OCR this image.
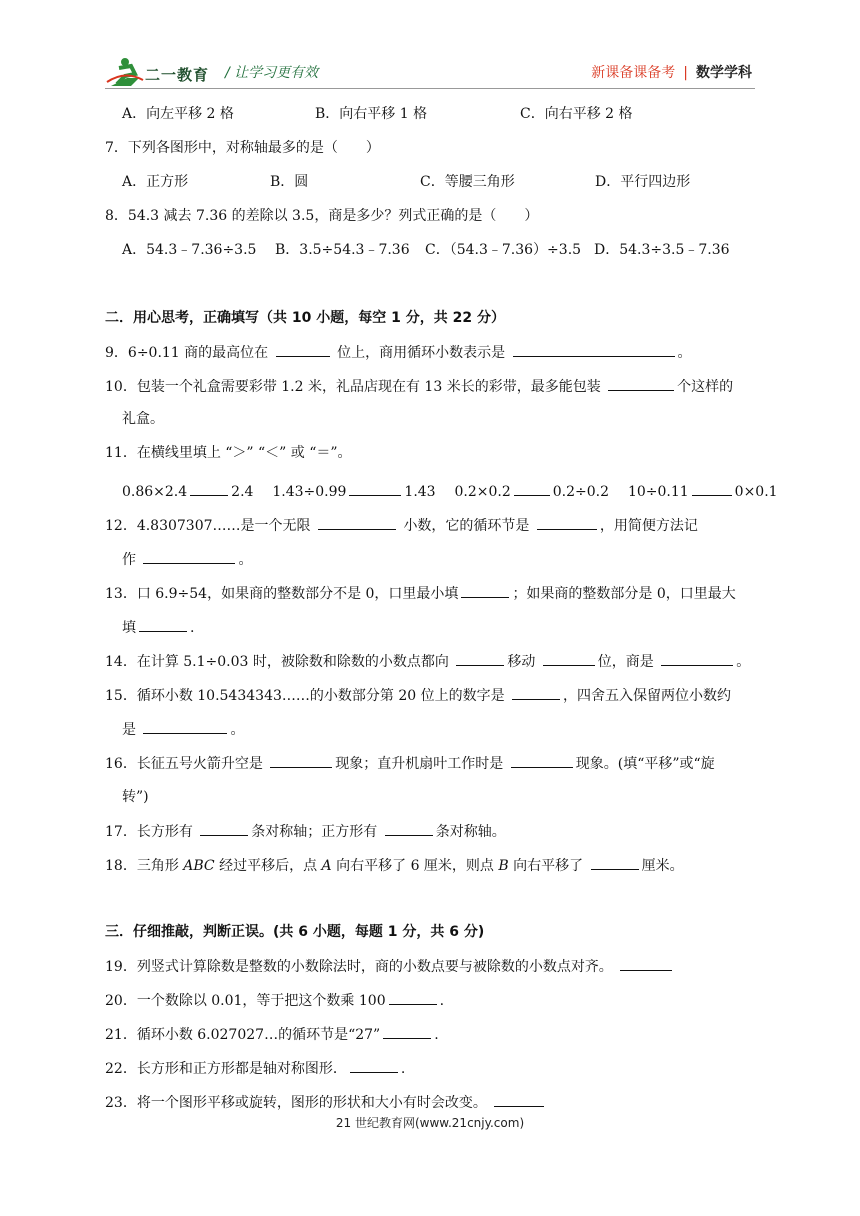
二一教育 / 让学习更有效	新课备课备考 | 数学学科
A．向左平移 2 格	B．向右平移 1 格	C．向右平移 2 格
7．下列各图形中，对称轴最多的是（　　）
A．正方形	B．圆	C．等腰三角形	D．平行四边形
8．54.3 减去 7.36 的差除以 3.5，商是多少？列式正确的是（　　）
A．54.3﹣7.36÷3.5 B．3.5÷54.3﹣7.36 C．（54.3﹣7.36）÷3.5 D．54.3÷3.5﹣7.36
二．用心思考，正确填写（共 10 小题，每空 1 分，共 22 分）
9．6÷0.11 商的最高位在	位上，商用循环小数表示是	。
10．包装一个礼盒需要彩带 1.2 米，礼品店现在有 13 米长的彩带，最多能包装	个这样的
礼盒。
11．在横线里填上 “＞” “＜” 或 “＝”。
0.86×2.4	2.4 1.43÷0.99	1.43 0.2×0.2	0.2÷0.2 10÷0.11	0×0.1
12．4.8307307……是一个无限	小数，它的循环节是	，用简便方法记
作	。
13．口 6.9÷54，如果商的整数部分不是 0，口里最小填	；如果商的整数部分是 0，口里最大
填	.
14．在计算 5.1÷0.03 时，被除数和除数的小数点都向	移动	位，商是	。
15．循环小数 10.5434343……的小数部分第 20 位上的数字是	，四舍五入保留两位小数约
是	。
16．长征五号火箭升空是	现象；直升机扇叶工作时是	现象。(填“平移”或“旋
转”)
17．长方形有	条对称轴；正方形有	条对称轴。
18．三角形 ABC 经过平移后，点 A 向右平移了 6 厘米，则点 B 向右平移了	厘米。
三．仔细推敲，判断正误。(共 6 小题，每题 1 分，共 6 分)
19．列竖式计算除数是整数的小数除法时，商的小数点要与被除数的小数点对齐。
20．一个数除以 0.01，等于把这个数乘 100	.
21．循环小数 6.027027…的循环节是“27”	.
22．长方形和正方形都是轴对称图形．	.
23．将一个图形平移或旋转，图形的形状和大小有时会改变。
21 世纪教育网(www.21cnjy.com)
